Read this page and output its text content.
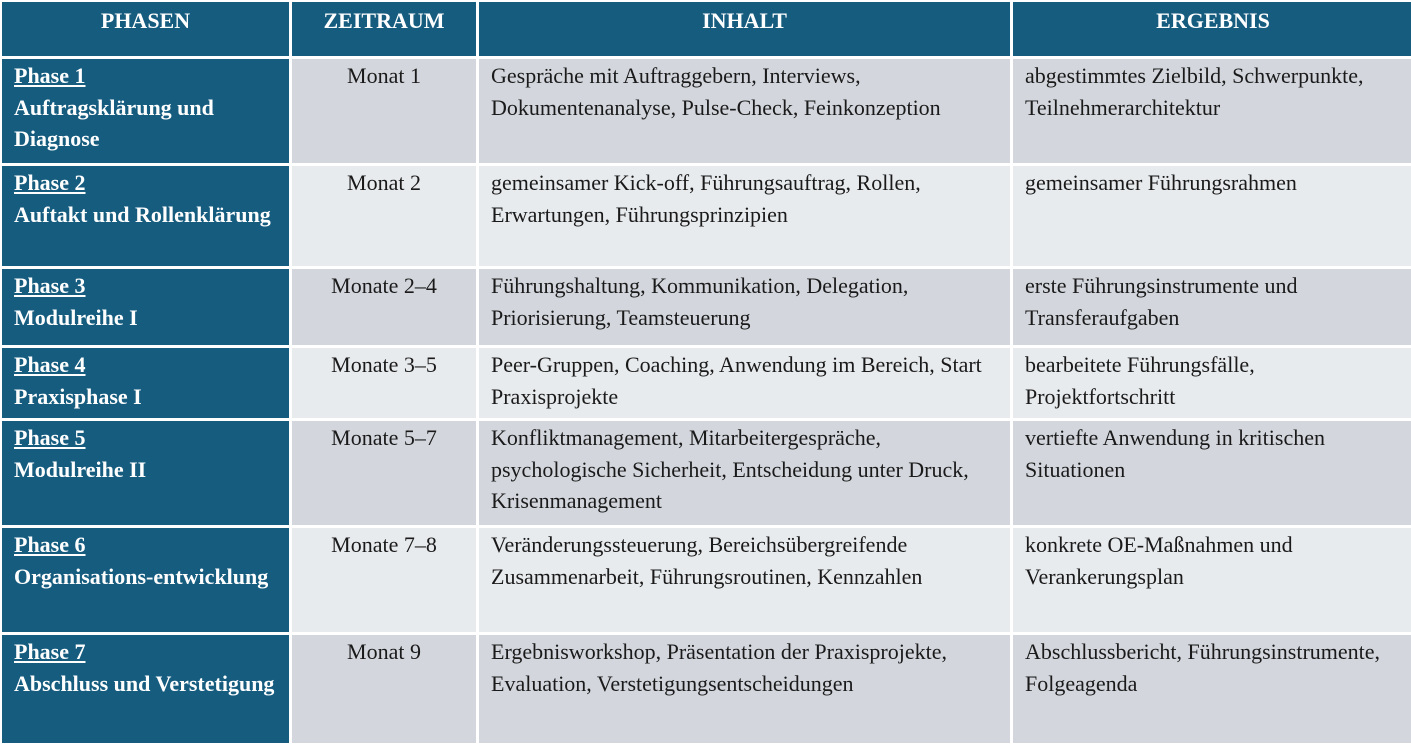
PHASEN	ZEITRAUM	INHALT	ERGEBNIS

Phase 1
Auftragsklärung und Diagnose	Monat 1	Gespräche mit Auftraggebern, Interviews, Dokumentenanalyse, Pulse-Check, Feinkonzeption	abgestimmtes Zielbild, Schwerpunkte, Teilnehmerarchitektur

Phase 2
Auftakt und Rollenklärung	Monat 2	gemeinsamer Kick-off, Führungsauftrag, Rollen, Erwartungen, Führungsprinzipien	gemeinsamer Führungsrahmen

Phase 3
Modulreihe I	Monate 2–4	Führungshaltung, Kommunikation, Delegation, Priorisierung, Teamsteuerung	erste Führungsinstrumente und Transferaufgaben

Phase 4
Praxisphase I	Monate 3–5	Peer-Gruppen, Coaching, Anwendung im Bereich, Start Praxisprojekte	bearbeitete Führungsfälle, Projektfortschritt

Phase 5
Modulreihe II	Monate 5–7	Konfliktmanagement, Mitarbeitergespräche, psychologische Sicherheit, Entscheidung unter Druck, Krisenmanagement	vertiefte Anwendung in kritischen Situationen

Phase 6
Organisations-entwicklung	Monate 7–8	Veränderungssteuerung, Bereichsübergreifende Zusammenarbeit, Führungsroutinen, Kennzahlen	konkrete OE-Maßnahmen und Verankerungsplan

Phase 7
Abschluss und Verstetigung	Monat 9	Ergebnisworkshop, Präsentation der Praxisprojekte, Evaluation, Verstetigungsentscheidungen	Abschlussbericht, Führungsinstrumente, Folgeagenda
